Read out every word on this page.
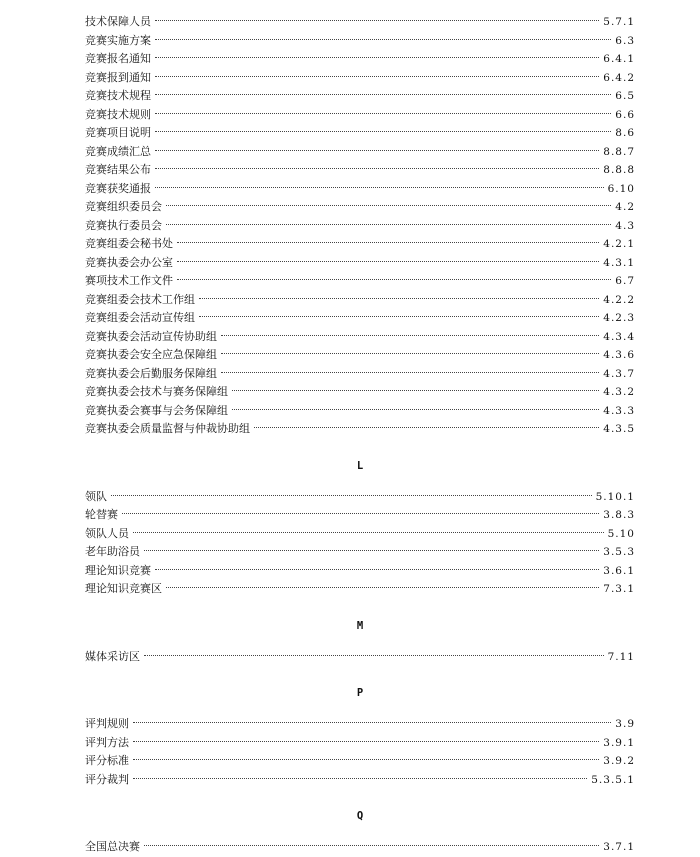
技术保障人员	5.7.1
竞赛实施方案	6.3
竞赛报名通知	6.4.1
竞赛报到通知	6.4.2
竞赛技术规程	6.5
竞赛技术规则	6.6
竞赛项目说明	8.6
竞赛成绩汇总	8.8.7
竞赛结果公布	8.8.8
竞赛获奖通报	6.10
竞赛组织委员会	4.2
竞赛执行委员会	4.3
竞赛组委会秘书处	4.2.1
竞赛执委会办公室	4.3.1
赛项技术工作文件	6.7
竞赛组委会技术工作组	4.2.2
竞赛组委会活动宣传组	4.2.3
竞赛执委会活动宣传协助组	4.3.4
竞赛执委会安全应急保障组	4.3.6
竞赛执委会后勤服务保障组	4.3.7
竞赛执委会技术与赛务保障组	4.3.2
竞赛执委会赛事与会务保障组	4.3.3
竞赛执委会质量监督与仲裁协助组	4.3.5
L
领队	5.10.1
轮替赛	3.8.3
领队人员	5.10
老年助浴员	3.5.3
理论知识竞赛	3.6.1
理论知识竞赛区	7.3.1
M
媒体采访区	7.11
P
评判规则	3.9
评判方法	3.9.1
评分标准	3.9.2
评分裁判	5.3.5.1
Q
全国总决赛	3.7.1
